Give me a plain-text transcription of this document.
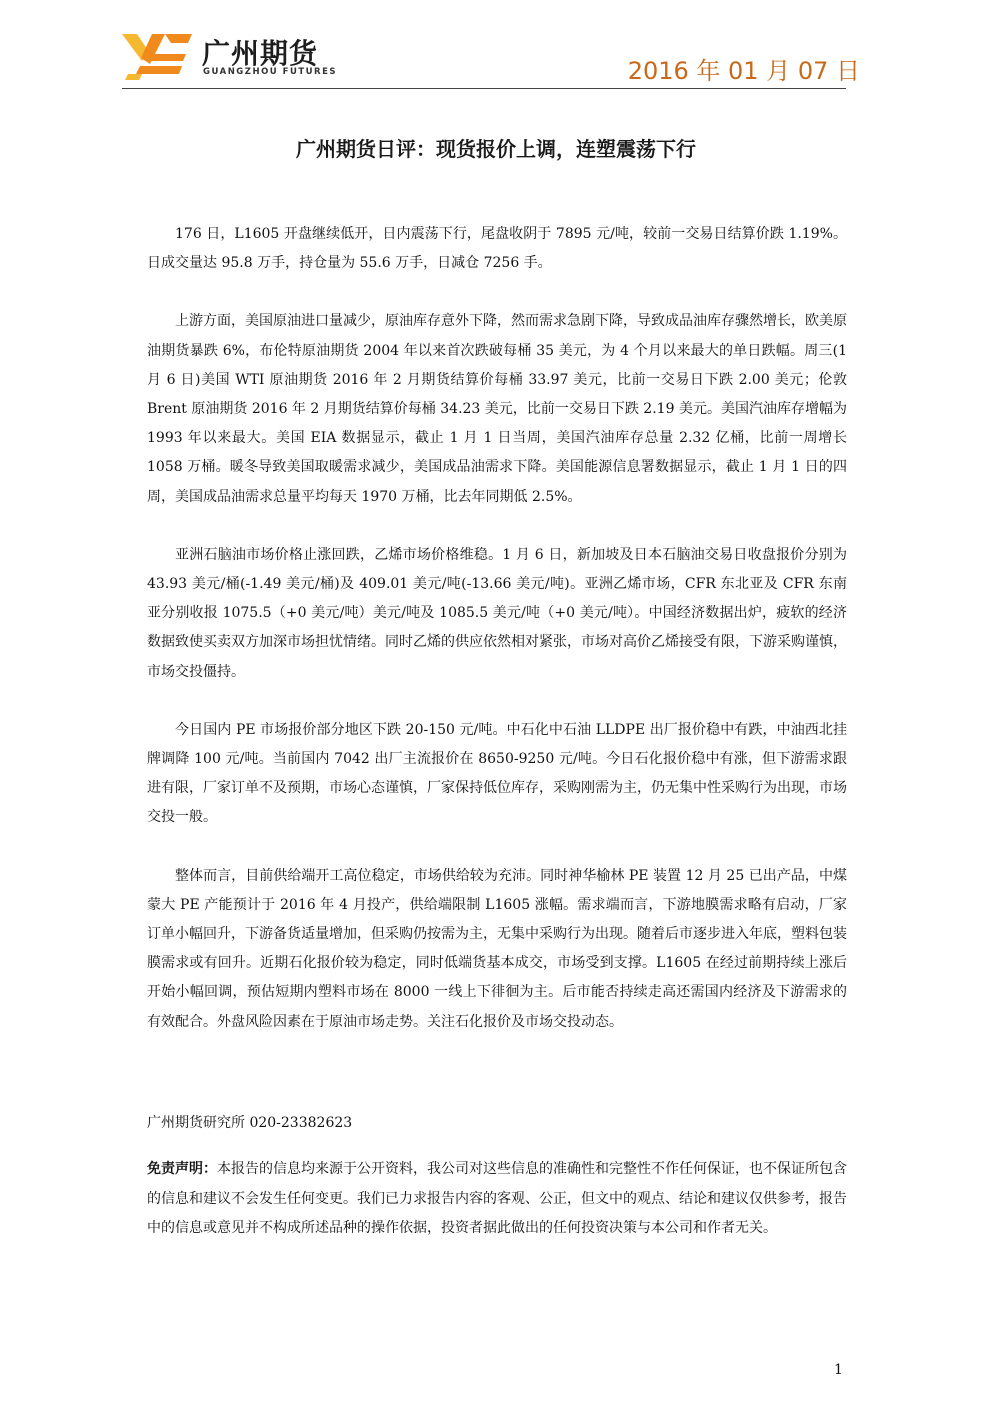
广州期货
GUANGZHOU FUTURES	2016 年 01 月 07 日
广州期货日评：现货报价上调，连塑震荡下行

176 日，L1605 开盘继续低开，日内震荡下行，尾盘收阴于 7895 元/吨，较前一交易日结算价跌 1.19%。日成交量达 95.8 万手，持仓量为 55.6 万手，日减仓 7256 手。

上游方面，美国原油进口量减少，原油库存意外下降，然而需求急剧下降，导致成品油库存骤然增长，欧美原油期货暴跌 6%，布伦特原油期货 2004 年以来首次跌破每桶 35 美元，为 4 个月以来最大的单日跌幅。周三(1 月 6 日)美国 WTI 原油期货 2016 年 2 月期货结算价每桶 33.97 美元，比前一交易日下跌 2.00 美元；伦敦 Brent 原油期货 2016 年 2 月期货结算价每桶 34.23 美元，比前一交易日下跌 2.19 美元。美国汽油库存增幅为 1993 年以来最大。美国 EIA 数据显示，截止 1 月 1 日当周，美国汽油库存总量 2.32 亿桶，比前一周增长 1058 万桶。暖冬导致美国取暖需求减少，美国成品油需求下降。美国能源信息署数据显示，截止 1 月 1 日的四周，美国成品油需求总量平均每天 1970 万桶，比去年同期低 2.5%。

亚洲石脑油市场价格止涨回跌，乙烯市场价格维稳。1 月 6 日，新加坡及日本石脑油交易日收盘报价分别为 43.93 美元/桶(-1.49 美元/桶)及 409.01 美元/吨(-13.66 美元/吨)。亚洲乙烯市场，CFR 东北亚及 CFR 东南亚分别收报 1075.5（+0 美元/吨）美元/吨及 1085.5 美元/吨（+0 美元/吨）。中国经济数据出炉，疲软的经济数据致使买卖双方加深市场担忧情绪。同时乙烯的供应依然相对紧张，市场对高价乙烯接受有限，下游采购谨慎，市场交投僵持。

今日国内 PE 市场报价部分地区下跌 20-150 元/吨。中石化中石油 LLDPE 出厂报价稳中有跌，中油西北挂牌调降 100 元/吨。当前国内 7042 出厂主流报价在 8650-9250 元/吨。今日石化报价稳中有涨，但下游需求跟进有限，厂家订单不及预期，市场心态谨慎，厂家保持低位库存，采购刚需为主，仍无集中性采购行为出现，市场交投一般。

整体而言，目前供给端开工高位稳定，市场供给较为充沛。同时神华榆林 PE 装置 12 月 25 已出产品，中煤蒙大 PE 产能预计于 2016 年 4 月投产，供给端限制 L1605 涨幅。需求端而言，下游地膜需求略有启动，厂家订单小幅回升，下游备货适量增加，但采购仍按需为主，无集中采购行为出现。随着后市逐步进入年底，塑料包装膜需求或有回升。近期石化报价较为稳定，同时低端货基本成交，市场受到支撑。L1605 在经过前期持续上涨后开始小幅回调，预估短期内塑料市场在 8000 一线上下徘徊为主。后市能否持续走高还需国内经济及下游需求的有效配合。外盘风险因素在于原油市场走势。关注石化报价及市场交投动态。

广州期货研究所 020-23382623
免责声明：本报告的信息均来源于公开资料，我公司对这些信息的准确性和完整性不作任何保证，也不保证所包含的信息和建议不会发生任何变更。我们已力求报告内容的客观、公正，但文中的观点、结论和建议仅供参考，报告中的信息或意见并不构成所述品种的操作依据，投资者据此做出的任何投资决策与本公司和作者无关。
1
